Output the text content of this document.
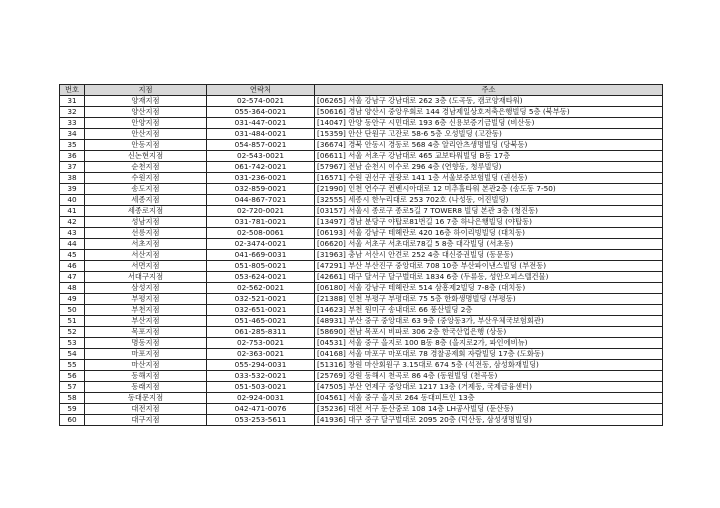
번호	지점	연락처	주소
31	양재지점	02-574-0021	[06265] 서울 강남구 강남대로 262 3층 (도곡동, 캠코양재타워)
32	양산지점	055-364-0021	[50616] 경남 양산시 중앙우회로 144 경남제일상호저축은행빌딩 5층 (북부동)
33	안양지점	031-447-0021	[14047] 안양 동안구 시민대로 193 6층 신용보증기금빌딩 (비산동)
34	안산지점	031-484-0021	[15359] 안산 단원구 고잔로 58-6 5층 오성빌딩 (고잔동)
35	안동지점	054-857-0021	[36674] 경북 안동시 경동로 568 4층 알리안츠생명빌딩 (당북동)
36	신논현지점	02-543-0021	[06611] 서울 서초구 강남대로 465 교보타워빌딩 B동 17층
37	순천지점	061-742-0021	[57967] 전남 순천시 이수로 296 4층 (연향동, 청루빌딩)
38	수원지점	031-236-0021	[16571] 수원 권선구 권광로 141 1층 서울보증보험빌딩 (권선동)
39	송도지점	032-859-0021	[21990] 인천 연수구 컨벤시아대로 12 미추홀타워 본관2층 (송도동 7-50)
40	세종지점	044-867-7021	[32555] 세종시 한누리대로 253 702호 (나성동, 어진빌딩)
41	세종로지점	02-720-0021	[03157] 서울시 종로구 종로5길 7 TOWER8 빌딩 본관 3층 (청진동)
42	성남지점	031-781-0021	[13497] 경남 분당구 야탑로81번길 16 7층 하나은행빌딩 (야탑동)
43	선릉지점	02-508-0061	[06193] 서울 강남구 테헤란로 420 16층 하이리빙빌딩 (대치동)
44	서초지점	02-3474-0021	[06620] 서울 서초구 서초대로78길 5 8층 대각빌딩 (서초동)
45	서산지점	041-669-0031	[31963] 충남 서산시 안견로 252 4층 대신증권빌딩 (동문동)
46	서면지점	051-805-0021	[47291] 부산 부산진구 중앙대로 708 10층 부산파이낸스빌딩 (부전동)
47	서대구지점	053-624-0021	[42661] 대구 달서구 달구벌대로 1834 6층 (두류동, 성안오피스텔건물)
48	삼성지점	02-562-0021	[06180] 서울 강남구 테헤란로 514 삼흥제2빌딩 7-8층 (대치동)
49	부평지점	032-521-0021	[21388] 인천 부평구 부평대로 75 5층 한화생명빌딩 (부평동)
50	부천지점	032-651-0021	[14623] 부천 원미구 송내대로 66 풍산빌딩 2층
51	부산지점	051-465-0021	[48931] 부산 중구 중앙대로 63 9층 (중앙동3가, 부산우체국보험회관)
52	목포지점	061-285-8311	[58690] 전남 목포시 비파로 306 2층 한국산업은행 (상동)
53	명동지점	02-753-0021	[04531] 서울 중구 을지로 100 B동 8층 (을지로2가, 파인에비뉴)
54	마포지점	02-363-0021	[04168] 서울 마포구 마포대로 78 경찰공제회 자람빌딩 17층 (도화동)
55	마산지점	055-294-0031	[51316] 창원 마산회원구 3.15대로 674 5층 (석전동, 삼성화재빌딩)
56	동해지점	033-532-0021	[25769] 강원 동해시 천곡로 86 4층 (동원빌딩 (천곡동)
57	동래지점	051-503-0021	[47505] 부산 연제구 중앙대로 1217 13층 (거제동, 국제금융센터)
58	동대문지점	02-924-0031	[04561] 서울 중구 을지로 264 동대피트인 13층
59	대전지점	042-471-0076	[35236] 대전 서구 둔산중로 108 14층 LH공사빌딩 (둔산동)
60	대구지점	053-253-5611	[41936] 대구 중구 달구벌대로 2095 20층 (덕산동, 삼성생명빌딩)
